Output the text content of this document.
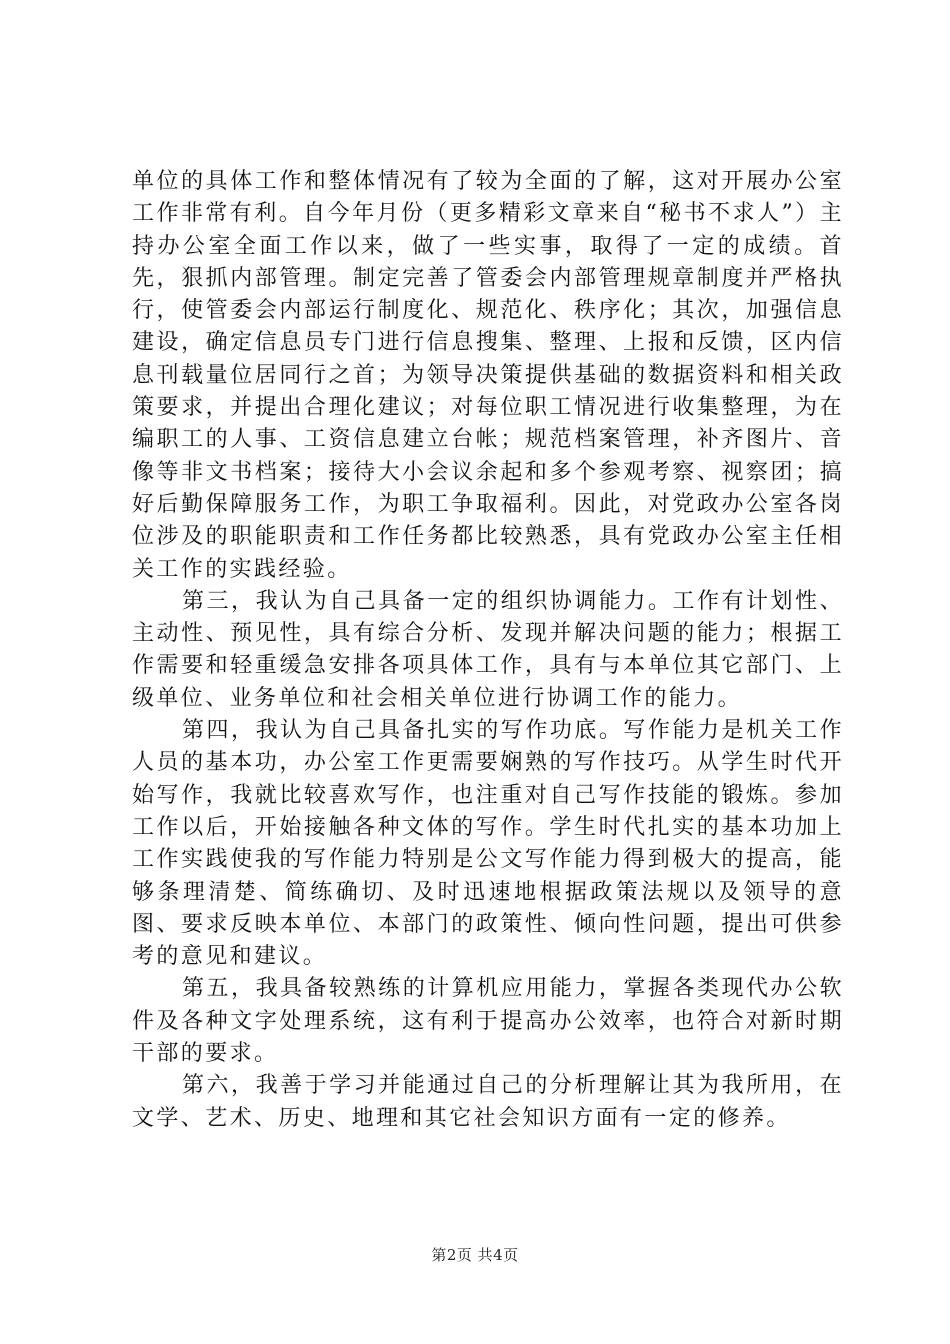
单位的具体工作和整体情况有了较为全面的了解，这对开展办公室工作非常有利。自今年月份（更多精彩文章来自“秘书不求人”）主持办公室全面工作以来，做了一些实事，取得了一定的成绩。首先，狠抓内部管理。制定完善了管委会内部管理规章制度并严格执行，使管委会内部运行制度化、规范化、秩序化；其次，加强信息建设，确定信息员专门进行信息搜集、整理、上报和反馈，区内信息刊载量位居同行之首；为领导决策提供基础的数据资料和相关政策要求，并提出合理化建议；对每位职工情况进行收集整理，为在编职工的人事、工资信息建立台帐；规范档案管理，补齐图片、音像等非文书档案；接待大小会议余起和多个参观考察、视察团；搞好后勤保障服务工作，为职工争取福利。因此，对党政办公室各岗位涉及的职能职责和工作任务都比较熟悉，具有党政办公室主任相关工作的实践经验。

第三，我认为自己具备一定的组织协调能力。工作有计划性、主动性、预见性，具有综合分析、发现并解决问题的能力；根据工作需要和轻重缓急安排各项具体工作，具有与本单位其它部门、上级单位、业务单位和社会相关单位进行协调工作的能力。

第四，我认为自己具备扎实的写作功底。写作能力是机关工作人员的基本功，办公室工作更需要娴熟的写作技巧。从学生时代开始写作，我就比较喜欢写作，也注重对自己写作技能的锻炼。参加工作以后，开始接触各种文体的写作。学生时代扎实的基本功加上工作实践使我的写作能力特别是公文写作能力得到极大的提高，能够条理清楚、简练确切、及时迅速地根据政策法规以及领导的意图、要求反映本单位、本部门的政策性、倾向性问题，提出可供参考的意见和建议。

第五，我具备较熟练的计算机应用能力，掌握各类现代办公软件及各种文字处理系统，这有利于提高办公效率，也符合对新时期干部的要求。

第六，我善于学习并能通过自己的分析理解让其为我所用，在文学、艺术、历史、地理和其它社会知识方面有一定的修养。

第2页 共4页
